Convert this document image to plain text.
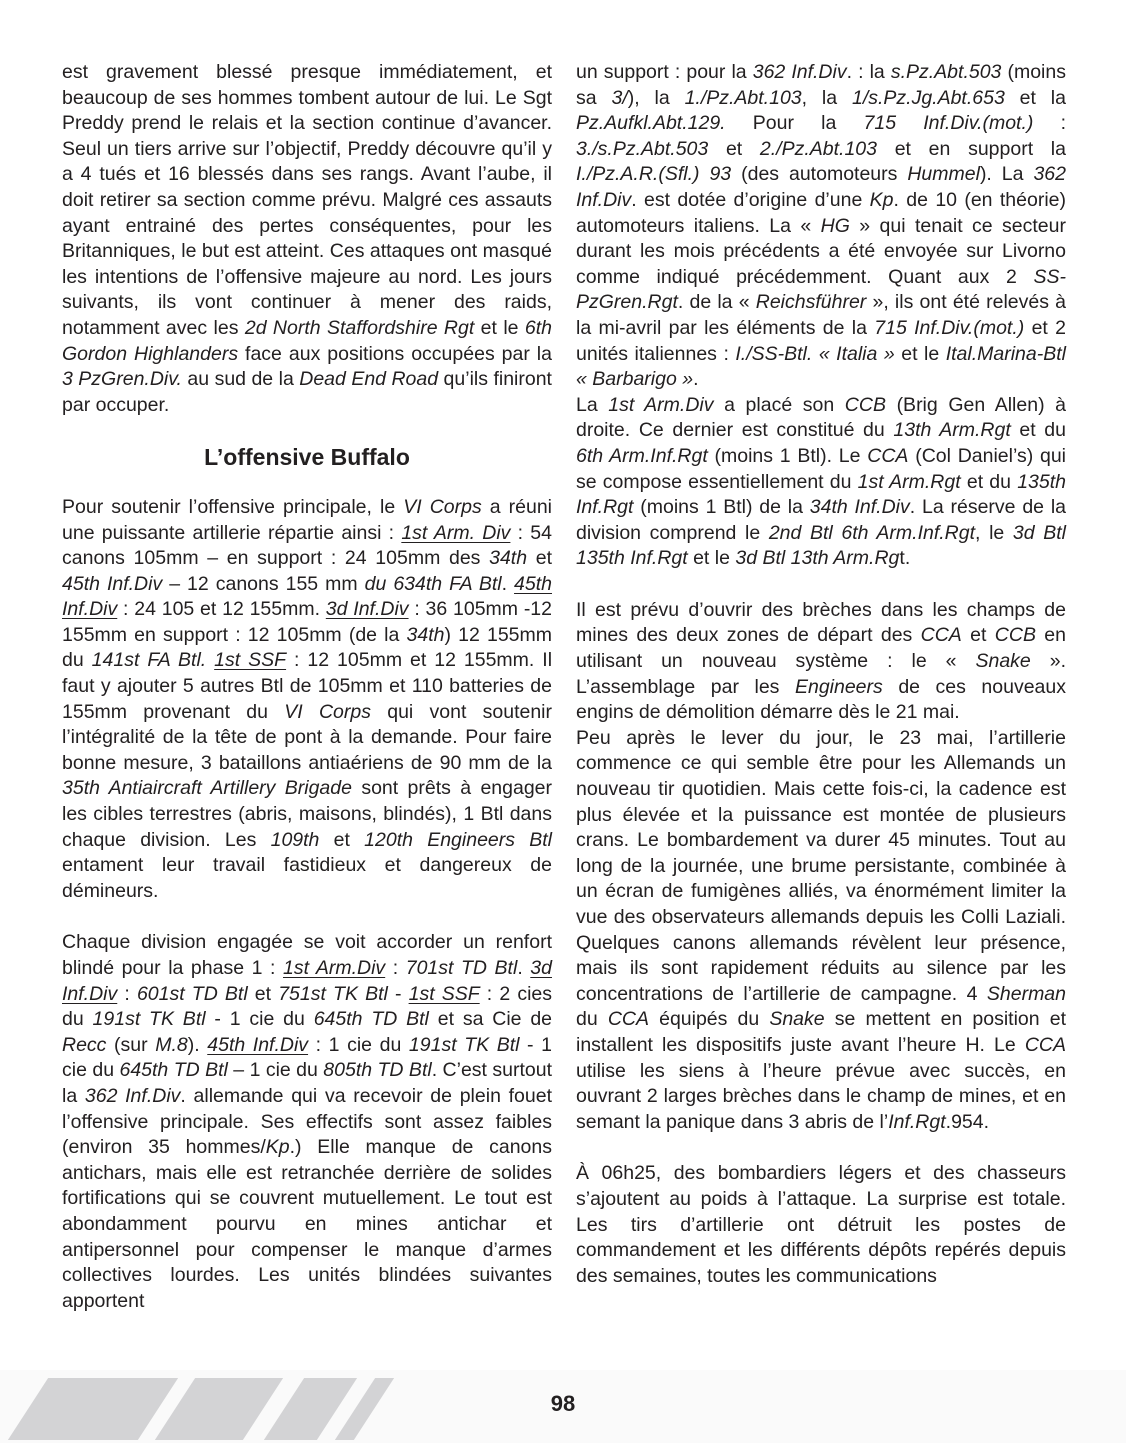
est gravement blessé presque immédiatement, et beaucoup de ses hommes tombent autour de lui. Le Sgt Preddy prend le relais et la section continue d’avancer. Seul un tiers arrive sur l’objectif, Preddy découvre qu’il y a 4 tués et 16 blessés dans ses rangs. Avant l’aube, il doit retirer sa section comme prévu. Malgré ces assauts ayant entrainé des pertes conséquentes, pour les Britanniques, le but est atteint. Ces attaques ont masqué les intentions de l’offensive majeure au nord. Les jours suivants, ils vont continuer à mener des raids, notamment avec les 2d North Staffordshire Rgt et le 6th Gordon Highlanders face aux positions occupées par la 3 PzGren.Div. au sud de la Dead End Road qu’ils finiront par occuper.

L’offensive Buffalo

Pour soutenir l’offensive principale, le VI Corps a réuni une puissante artillerie répartie ainsi : 1st Arm. Div : 54 canons 105mm – en support : 24 105mm des 34th et 45th Inf.Div – 12 canons 155 mm du 634th FA Btl. 45th Inf.Div : 24 105 et 12 155mm. 3d Inf.Div : 36 105mm -12 155mm en support : 12 105mm (de la 34th) 12 155mm du 141st FA Btl. 1st SSF : 12 105mm et 12 155mm. Il faut y ajouter 5 autres Btl de 105mm et 110 batteries de 155mm provenant du VI Corps qui vont soutenir l’intégralité de la tête de pont à la demande. Pour faire bonne mesure, 3 bataillons antiaériens de 90 mm de la 35th Antiaircraft Artillery Brigade sont prêts à engager les cibles terrestres (abris, maisons, blindés), 1 Btl dans chaque division. Les 109th et 120th Engineers Btl entament leur travail fastidieux et dangereux de démineurs.

Chaque division engagée se voit accorder un renfort blindé pour la phase 1 : 1st Arm.Div : 701st TD Btl. 3d Inf.Div : 601st TD Btl et 751st TK Btl - 1st SSF : 2 cies du 191st TK Btl - 1 cie du 645th TD Btl et sa Cie de Recc (sur M.8). 45th Inf.Div : 1 cie du 191st TK Btl - 1 cie du 645th TD Btl – 1 cie du 805th TD Btl. C’est surtout la 362 Inf.Div. allemande qui va recevoir de plein fouet l’offensive principale. Ses effectifs sont assez faibles (environ 35 hommes/Kp.) Elle manque de canons antichars, mais elle est retranchée derrière de solides fortifications qui se couvrent mutuellement. Le tout est abondamment pourvu en mines antichar et antipersonnel pour compenser le manque d’armes collectives lourdes. Les unités blindées suivantes apportent

un support : pour la 362 Inf.Div. : la s.Pz.Abt.503 (moins sa 3/), la 1./Pz.Abt.103, la 1/s.Pz.Jg.Abt.653 et la Pz.Aufkl.Abt.129. Pour la 715 Inf.Div.(mot.) : 3./s.Pz.Abt.503 et 2./Pz.Abt.103 et en support la I./Pz.A.R.(Sfl.) 93 (des automoteurs Hummel). La 362 Inf.Div. est dotée d’origine d’une Kp. de 10 (en théorie) automoteurs italiens. La « HG » qui tenait ce secteur durant les mois précédents a été envoyée sur Livorno comme indiqué précédemment. Quant aux 2 SS-PzGren.Rgt. de la « Reichsführer », ils ont été relevés à la mi-avril par les éléments de la 715 Inf.Div.(mot.) et 2 unités italiennes : I./SS-Btl. « Italia » et le Ital.Marina-Btl « Barbarigo ».

La 1st Arm.Div a placé son CCB (Brig Gen Allen) à droite. Ce dernier est constitué du 13th Arm.Rgt et du 6th Arm.Inf.Rgt (moins 1 Btl). Le CCA (Col Daniel’s) qui se compose essentiellement du 1st Arm.Rgt et du 135th Inf.Rgt (moins 1 Btl) de la 34th Inf.Div. La réserve de la division comprend le 2nd Btl 6th Arm.Inf.Rgt, le 3d Btl 135th Inf.Rgt et le 3d Btl 13th Arm.Rgt.

Il est prévu d’ouvrir des brèches dans les champs de mines des deux zones de départ des CCA et CCB en utilisant un nouveau système : le « Snake ». L’assemblage par les Engineers de ces nouveaux engins de démolition démarre dès le 21 mai.

Peu après le lever du jour, le 23 mai, l’artillerie commence ce qui semble être pour les Allemands un nouveau tir quotidien. Mais cette fois-ci, la cadence est plus élevée et la puissance est montée de plusieurs crans. Le bombardement va durer 45 minutes. Tout au long de la journée, une brume persistante, combinée à un écran de fumigènes alliés, va énormément limiter la vue des observateurs allemands depuis les Colli Laziali. Quelques canons allemands révèlent leur présence, mais ils sont rapidement réduits au silence par les concentrations de l’artillerie de campagne. 4 Sherman du CCA équipés du Snake se mettent en position et installent les dispositifs juste avant l’heure H. Le CCA utilise les siens à l’heure prévue avec succès, en ouvrant 2 larges brèches dans le champ de mines, et en semant la panique dans 3 abris de l’Inf.Rgt.954.

À 06h25, des bombardiers légers et des chasseurs s’ajoutent au poids à l’attaque. La surprise est totale. Les tirs d’artillerie ont détruit les postes de commandement et les différents dépôts repérés depuis des semaines, toutes les communications

98
